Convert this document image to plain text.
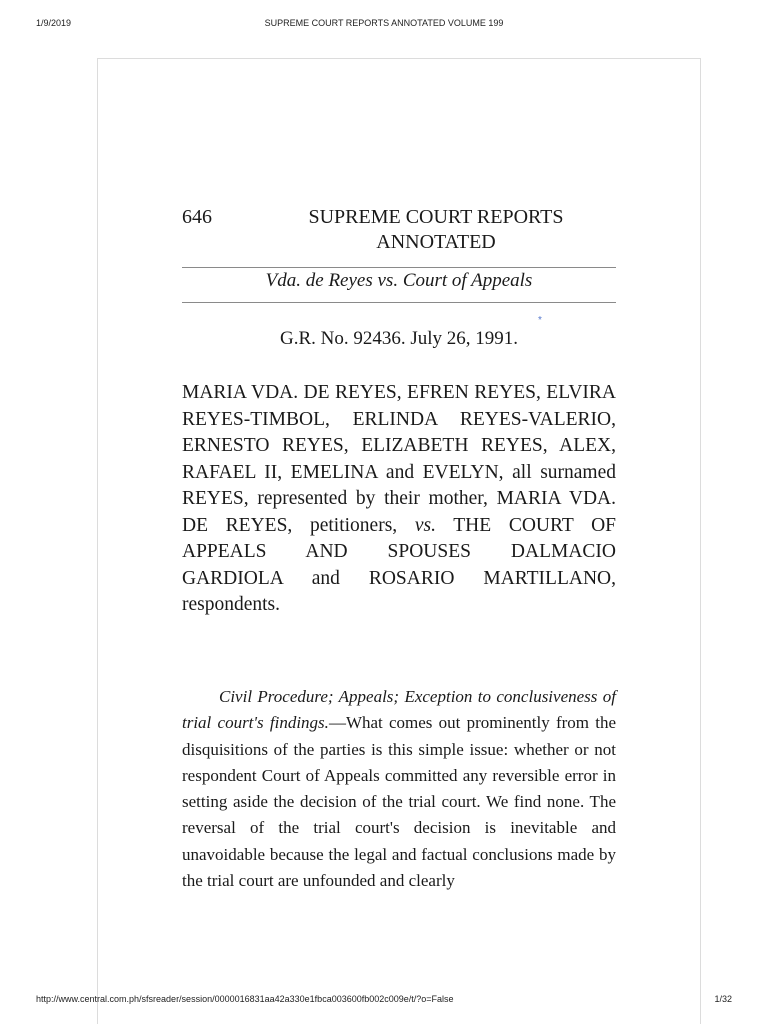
1/9/2019	SUPREME COURT REPORTS ANNOTATED VOLUME 199
646	SUPREME COURT REPORTS ANNOTATED
Vda. de Reyes vs. Court of Appeals
G.R. No. 92436. July 26, 1991.
*
MARIA VDA. DE REYES, EFREN REYES, ELVIRA REYES-TIMBOL, ERLINDA REYES-VALERIO, ERNESTO REYES, ELIZABETH REYES, ALEX, RAFAEL II, EMELINA and EVELYN, all surnamed REYES, represented by their mother, MARIA VDA. DE REYES, petitioners, vs. THE COURT OF APPEALS AND SPOUSES DALMACIO GARDIOLA and ROSARIO MARTILLANO, respondents.
Civil Procedure; Appeals; Exception to conclusiveness of trial court's findings.—What comes out prominently from the disquisitions of the parties is this simple issue: whether or not respondent Court of Appeals committed any reversible error in setting aside the decision of the trial court. We find none. The reversal of the trial court's decision is inevitable and unavoidable because the legal and factual conclusions made by the trial court are unfounded and clearly
http://www.central.com.ph/sfsreader/session/0000016831aa42a330e1fbca003600fb002c009e/t/?o=False	1/32
